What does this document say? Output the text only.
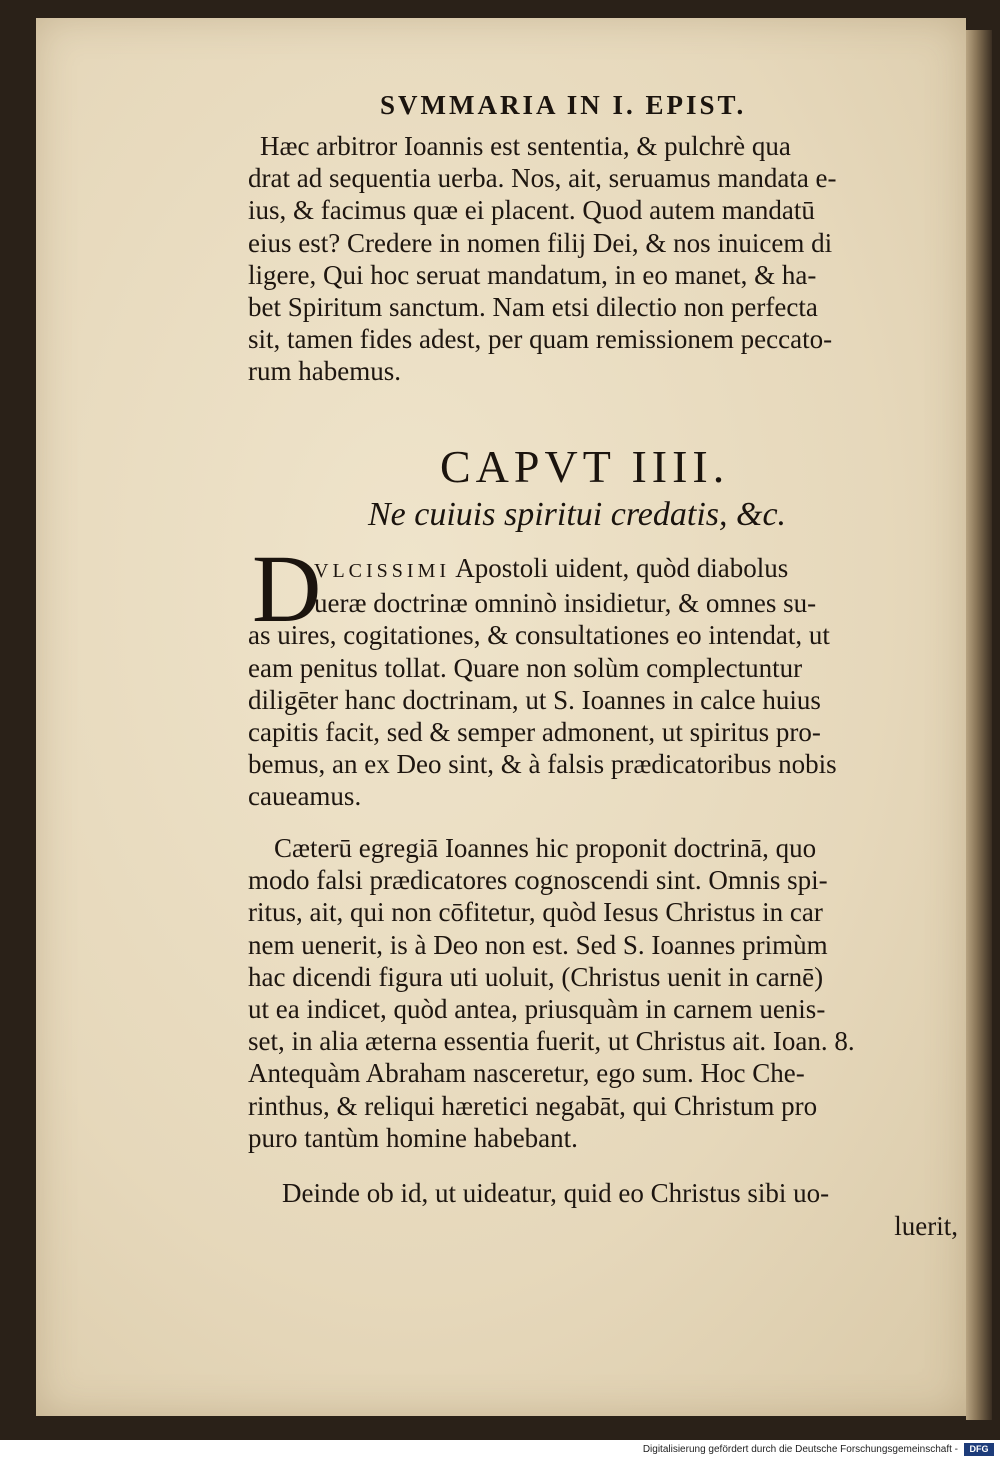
SVMMARIA IN I. EPIST.
Hæc arbitror Ioannis est sententia, & pulchrè qua
drat ad sequentia uerba. Nos, ait, seruamus mandata e-
ius, & facimus quæ ei placent. Quod autem mandatū
eius est? Credere in nomen filij Dei, & nos inuicem di
ligere, Qui hoc seruat mandatum, in eo manet, & ha-
bet Spiritum sanctum. Nam etsi dilectio non perfecta
sit, tamen fides adest, per quam remissionem peccato-
rum habemus.
CAPVT IIII.
Ne cuiuis spiritui credatis, &c.
D
VLCISSIMI Apostoli uident, quòd diabolus
ueræ doctrinæ omninò insidietur, & omnes su-
as uires, cogitationes, & consultationes eo intendat, ut
eam penitus tollat. Quare non solùm complectuntur
diligēter hanc doctrinam, ut S. Ioannes in calce huius
capitis facit, sed & semper admonent, ut spiritus pro-
bemus, an ex Deo sint, & à falsis prædicatoribus nobis
caueamus.
Cæterū egregiā Ioannes hic proponit doctrinā, quo
modo falsi prædicatores cognoscendi sint. Omnis spi-
ritus, ait, qui non cōfitetur, quòd Iesus Christus in car
nem uenerit, is à Deo non est. Sed S. Ioannes primùm
hac dicendi figura uti uoluit, (Christus uenit in carnē)
ut ea indicet, quòd antea, priusquàm in carnem uenis-
set, in alia æterna essentia fuerit, ut Christus ait. Ioan. 8.
Antequàm Abraham nasceretur, ego sum. Hoc Che-
rinthus, & reliqui hæretici negabāt, qui Christum pro
puro tantùm homine habebant.
Deinde ob id, ut uideatur, quid eo Christus sibi uo-
luerit,
Digitalisierung gefördert durch die Deutsche Forschungsgemeinschaft -	DFG
